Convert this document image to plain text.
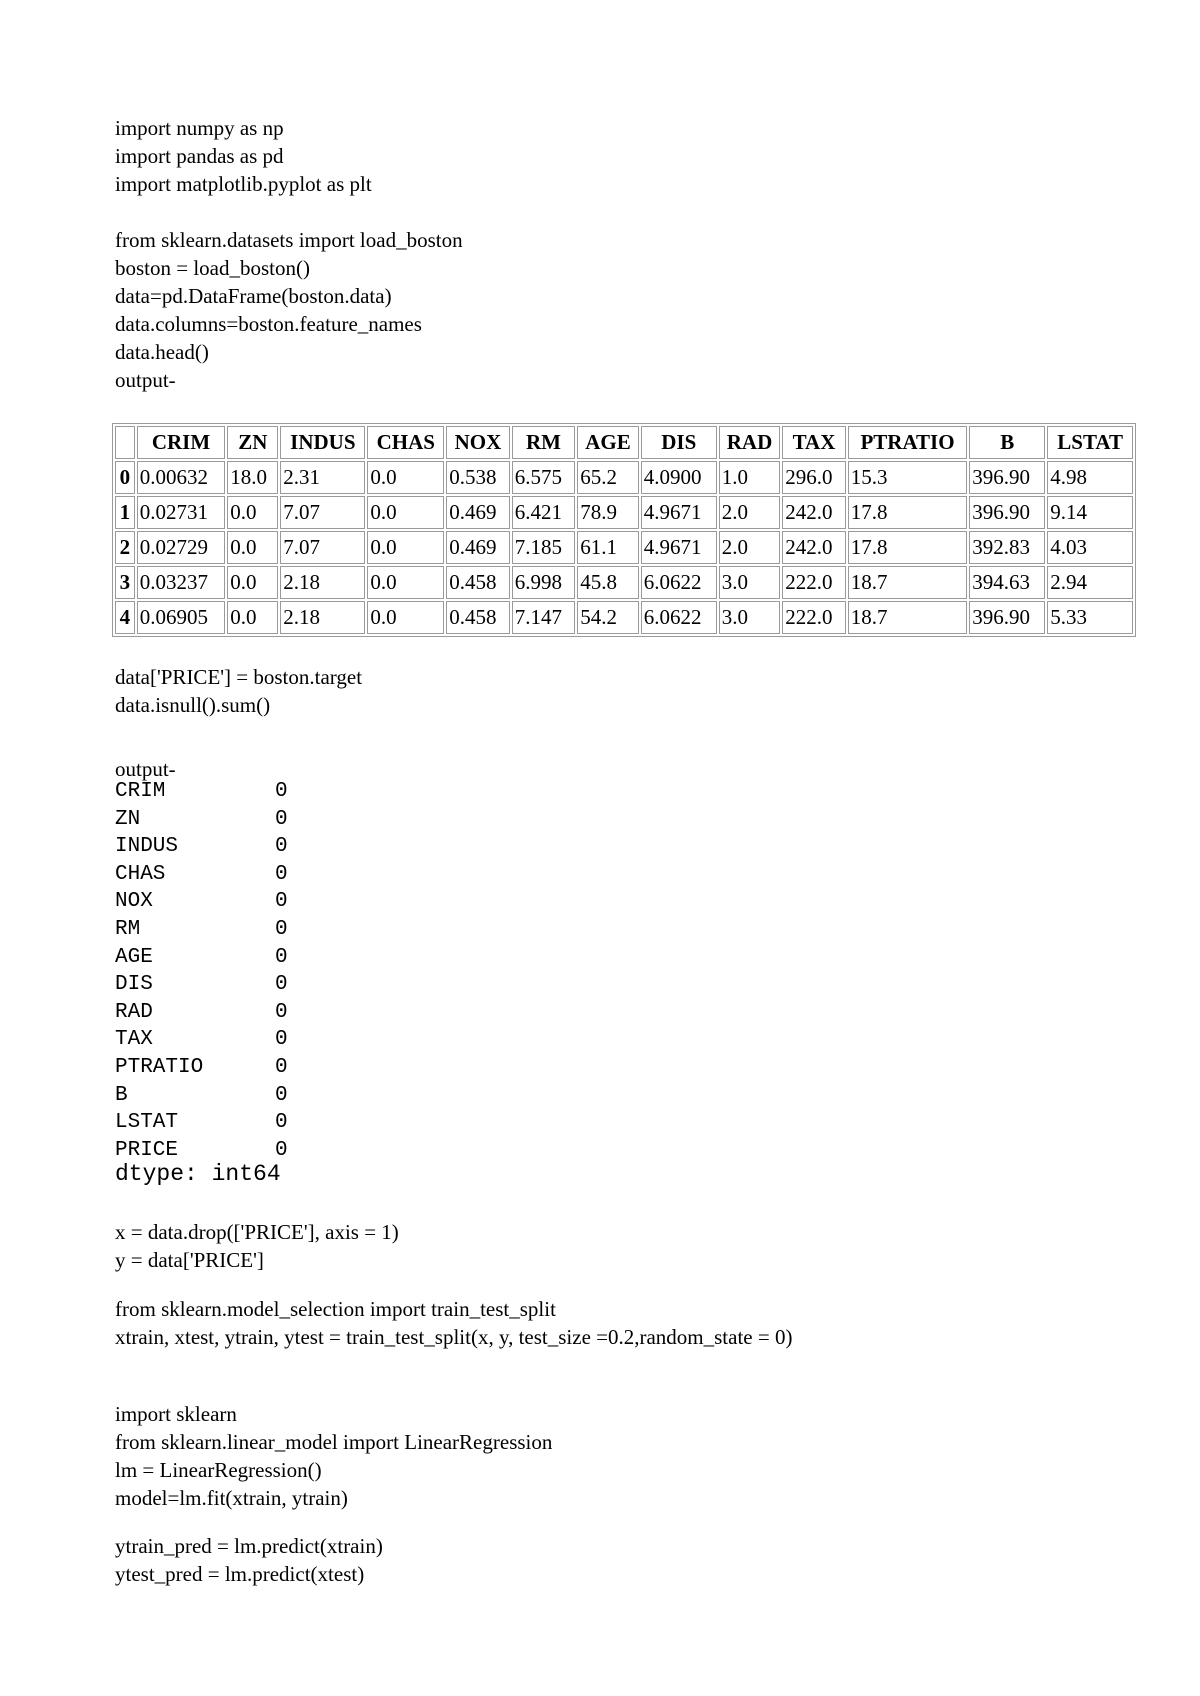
import numpy as np
import pandas as pd
import matplotlib.pyplot as plt
from sklearn.datasets import load_boston
boston = load_boston()
data=pd.DataFrame(boston.data)
data.columns=boston.feature_names
data.head()
output-
	CRIM	ZN	INDUS	CHAS	NOX	RM	AGE	DIS	RAD	TAX	PTRATIO	B	LSTAT
0	0.00632	18.0	2.31	0.0	0.538	6.575	65.2	4.0900	1.0	296.0	15.3	396.90	4.98
1	0.02731	0.0	7.07	0.0	0.469	6.421	78.9	4.9671	2.0	242.0	17.8	396.90	9.14
2	0.02729	0.0	7.07	0.0	0.469	7.185	61.1	4.9671	2.0	242.0	17.8	392.83	4.03
3	0.03237	0.0	2.18	0.0	0.458	6.998	45.8	6.0622	3.0	222.0	18.7	394.63	2.94
4	0.06905	0.0	2.18	0.0	0.458	7.147	54.2	6.0622	3.0	222.0	18.7	396.90	5.33
data['PRICE'] = boston.target
data.isnull().sum()
output-
CRIM	0
ZN	0
INDUS	0
CHAS	0
NOX	0
RM	0
AGE	0
DIS	0
RAD	0
TAX	0
PTRATIO	0
B	0
LSTAT	0
PRICE	0
dtype: int64
x = data.drop(['PRICE'], axis = 1)
y = data['PRICE']
from sklearn.model_selection import train_test_split
xtrain, xtest, ytrain, ytest = train_test_split(x, y, test_size =0.2,random_state = 0)
import sklearn
from sklearn.linear_model import LinearRegression
lm = LinearRegression()
model=lm.fit(xtrain, ytrain)
ytrain_pred = lm.predict(xtrain)
ytest_pred = lm.predict(xtest)
